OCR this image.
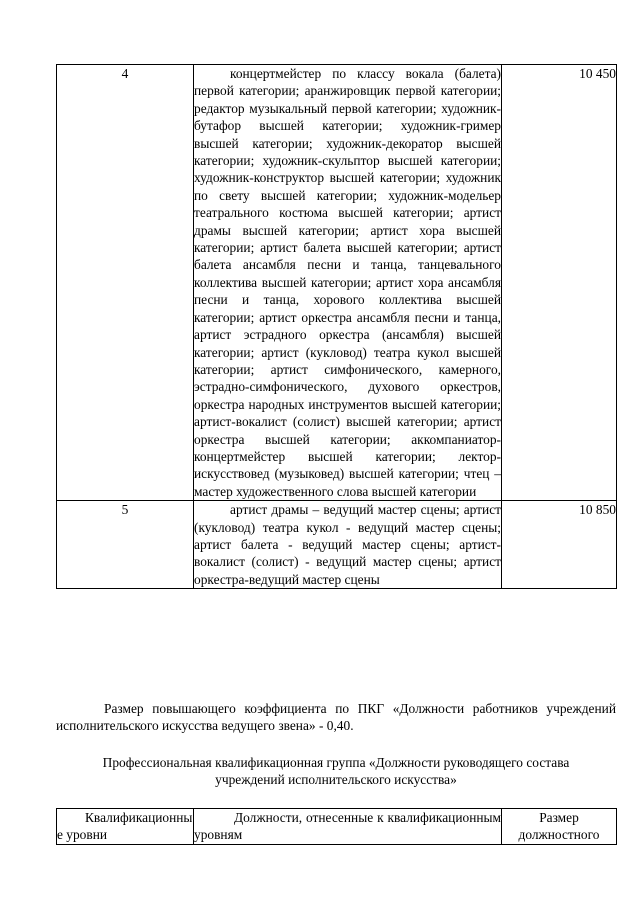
4	концертмейстер по классу вокала (балета) первой категории; аранжировщик первой категории; редактор музыкальный первой категории; художник-бутафор высшей категории; художник-гример высшей категории; художник-декоратор высшей категории; художник-скульптор высшей категории; художник-конструктор высшей категории; художник по свету высшей категории; художник-модельер театрального костюма высшей категории; артист драмы высшей категории; артист хора высшей категории; артист балета высшей категории; артист балета ансамбля песни и танца, танцевального коллектива высшей категории; артист хора ансамбля песни и танца, хорового коллектива высшей категории; артист оркестра ансамбля песни и танца, артист эстрадного оркестра (ансамбля) высшей категории; артист (кукловод) театра кукол высшей категории; артист симфонического, камерного, эстрадно-симфонического, духового оркестров, оркестра народных инструментов высшей категории; артист-вокалист (солист) высшей категории; артист оркестра высшей категории; аккомпаниатор-концертмейстер высшей категории; лектор-искусствовед (музыковед) высшей категории; чтец – мастер художественного слова высшей категории	10 450
5	артист драмы – ведущий мастер сцены; артист (кукловод) театра кукол - ведущий мастер сцены; артист балета - ведущий мастер сцены; артист-вокалист (солист) - ведущий мастер сцены; артист оркестра-ведущий мастер сцены	10 850

Размер повышающего коэффициента по ПКГ «Должности работников учреждений исполнительского искусства ведущего звена» - 0,40.

Профессиональная квалификационная группа «Должности руководящего состава учреждений исполнительского искусства»

Квалификационные уровни	Должности, отнесенные к квалификационным уровням	Размер должностного
